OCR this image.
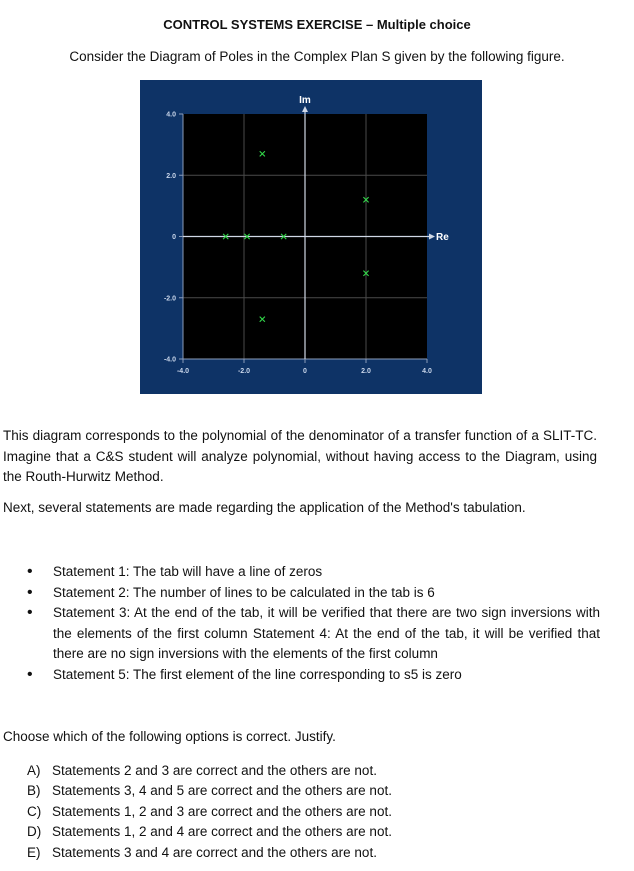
CONTROL SYSTEMS EXERCISE – Multiple choice
Consider the Diagram of Poles in the Complex Plan S given by the following figure.
4.0
2.0
0
-2.0
-4.0
-4.0	-2.0	0	2.0	4.0
Im
Re
This diagram corresponds to the polynomial of the denominator of a transfer function of a SLIT-TC. Imagine that a C&S student will analyze polynomial, without having access to the Diagram, using the Routh-Hurwitz Method.
Next, several statements are made regarding the application of the Method's tabulation.
• Statement 1: The tab will have a line of zeros
• Statement 2: The number of lines to be calculated in the tab is 6
• Statement 3: At the end of the tab, it will be verified that there are two sign inversions with the elements of the first column Statement 4: At the end of the tab, it will be verified that there are no sign inversions with the elements of the first column
• Statement 5: The first element of the line corresponding to s5 is zero
Choose which of the following options is correct. Justify.
A) Statements 2 and 3 are correct and the others are not.
B) Statements 3, 4 and 5 are correct and the others are not.
C) Statements 1, 2 and 3 are correct and the others are not.
D) Statements 1, 2 and 4 are correct and the others are not.
E) Statements 3 and 4 are correct and the others are not.
